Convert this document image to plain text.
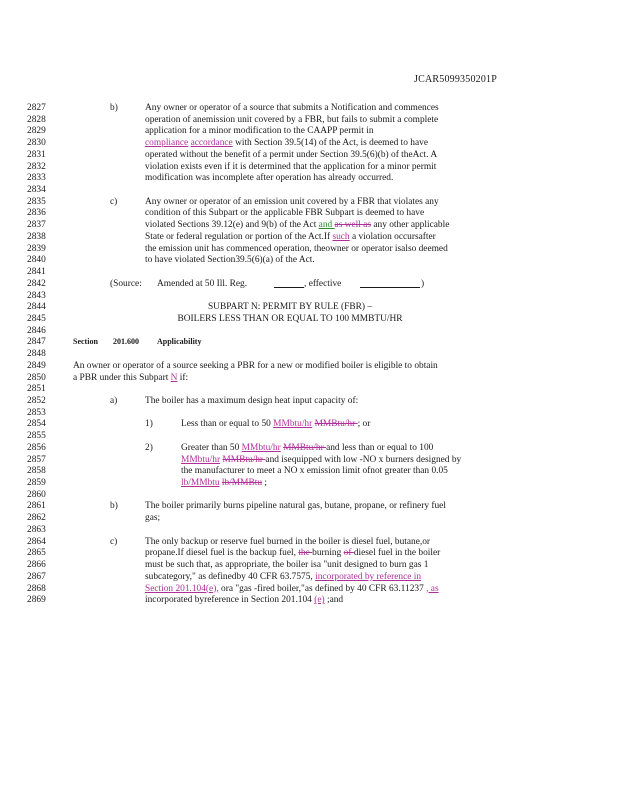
JCAR5099350201P
2827	b)	Any owner or operator of a source that submits a Notification and commences
2828	operation of anemission unit covered by a FBR, but fails to submit a complete
2829	application for a minor modification to the CAAPP permit in
2830	compliance accordance with Section 39.5(14) of the Act, is deemed to have
2831	operated without the benefit of a permit under Section 39.5(6)(b) of theAct. A
2832	violation exists even if it is determined that the application for a minor permit
2833	modification was incomplete after operation has already occurred.
2834
2835	c)	Any owner or operator of an emission unit covered by a FBR that violates any
2836	condition of this Subpart or the applicable FBR Subpart is deemed to have
2837	violated Sections 39.12(e) and 9(b) of the Act and as well as any other applicable
2838	State or federal regulation or portion of the Act.If such a violation occursafter
2839	the emission unit has commenced operation, theowner or operator isalso deemed
2840	to have violated Section39.5(6)(a) of the Act.
2841
2842	(Source: Amended at 50 Ill. Reg.	, effective	)
2843
2844	SUBPART N: PERMIT BY RULE (FBR) –
2845	BOILERS LESS THAN OR EQUAL TO 100 MMBTU/HR
2846
2847	Section 201.600 Applicability
2848
2849	An owner or operator of a source seeking a PBR for a new or modified boiler is eligible to obtain
2850	a PBR under this Subpart N if:
2851
2852	a)	The boiler has a maximum design heat input capacity of:
2853
2854	1)	Less than or equal to 50 MMbtu/hr MMBtu/hr ; or
2855
2856	2)	Greater than 50 MMbtu/hr MMBtu/hr and less than or equal to 100
2857	MMbtu/hr MMBtu/hr and isequipped with low -NO x burners designed by
2858	the manufacturer to meet a NO x emission limit ofnot greater than 0.05
2859	lb/MMbtu lb/MMBtu ;
2860
2861	b)	The boiler primarily burns pipeline natural gas, butane, propane, or refinery fuel
2862	gas;
2863
2864	c)	The only backup or reserve fuel burned in the boiler is diesel fuel, butane,or
2865	propane.If diesel fuel is the backup fuel, the burning of diesel fuel in the boiler
2866	must be such that, as appropriate, the boiler isa "unit designed to burn gas 1
2867	subcategory," as definedby 40 CFR 63.7575, incorporated by reference in
2868	Section 201.104(e), ora "gas -fired boiler,"as defined by 40 CFR 63.11237 , as
2869	incorporated byreference in Section 201.104 (e) ;and
